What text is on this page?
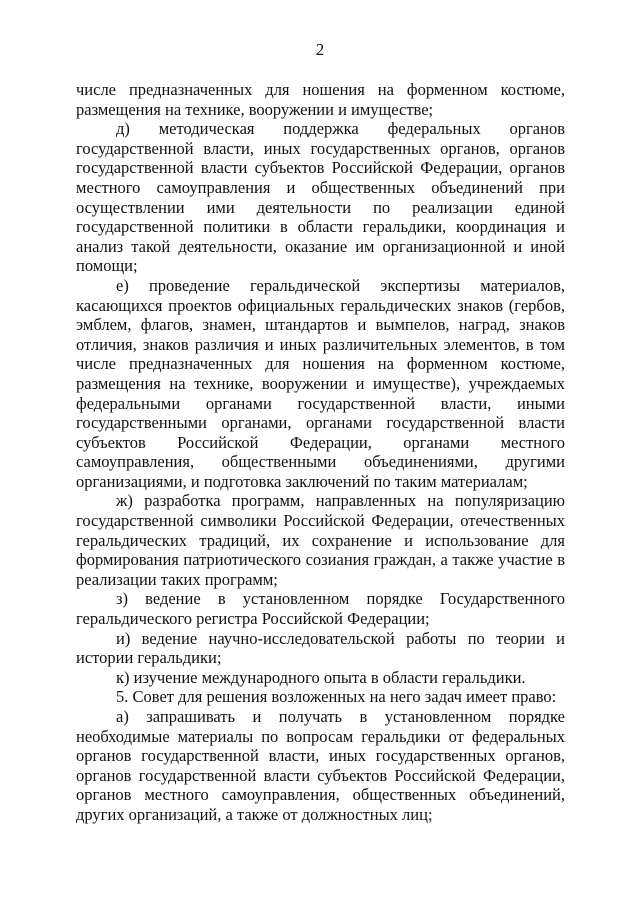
2

числе предназначенных для ношения на форменном костюме, размещения на технике, вооружении и имуществе;

д) методическая поддержка федеральных органов государственной власти, иных государственных органов, органов государственной власти субъектов Российской Федерации, органов местного самоуправления и общественных объединений при осуществлении ими деятельности по реализации единой государственной политики в области геральдики, координация и анализ такой деятельности, оказание им организационной и иной помощи;

е) проведение геральдической экспертизы материалов, касающихся проектов официальных геральдических знаков (гербов, эмблем, флагов, знамен, штандартов и вымпелов, наград, знаков отличия, знаков различия и иных различительных элементов, в том числе предназначенных для ношения на форменном костюме, размещения на технике, вооружении и имуществе), учреждаемых федеральными органами государственной власти, иными государственными органами, органами государственной власти субъектов Российской Федерации, органами местного самоуправления, общественными объединениями, другими организациями, и подготовка заключений по таким материалам;

ж) разработка программ, направленных на популяризацию государственной символики Российской Федерации, отечественных геральдических традиций, их сохранение и использование для формирования патриотического созиания граждан, а также участие в реализации таких программ;

з) ведение в установленном порядке Государственного геральдического регистра Российской Федерации;

и) ведение научно-исследовательской работы по теории и истории геральдики;

к) изучение международного опыта в области геральдики.

5. Совет для решения возложенных на него задач имеет право:

а) запрашивать и получать в установленном порядке необходимые материалы по вопросам геральдики от федеральных органов государственной власти, иных государственных органов, органов государственной власти субъектов Российской Федерации, органов местного самоуправления, общественных объединений, других организаций, а также от должностных лиц;
